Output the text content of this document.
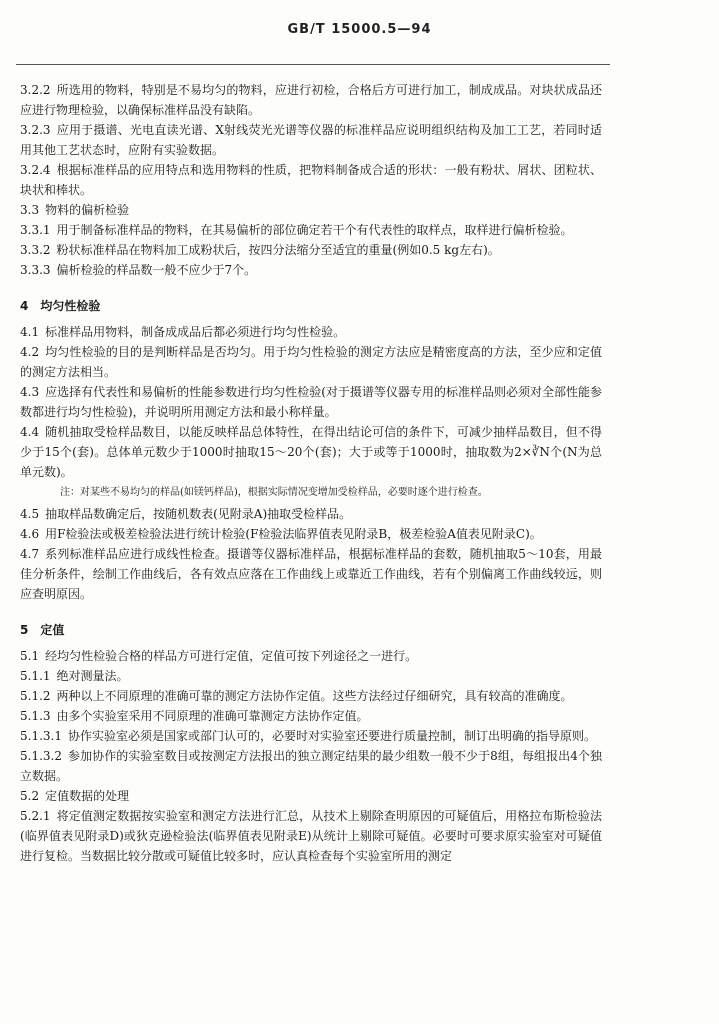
GB/T 15000.5—94

3.2.2 所选用的物料，特别是不易均匀的物料，应进行初检，合格后方可进行加工，制成成品。对块状成品还应进行物理检验，以确保标准样品没有缺陷。

3.2.3 应用于摄谱、光电直读光谱、X射线荧光光谱等仪器的标准样品应说明组织结构及加工工艺，若同时适用其他工艺状态时，应附有实验数据。

3.2.4 根据标准样品的应用特点和选用物料的性质，把物料制备成合适的形状：一般有粉状、屑状、团粒状、块状和棒状。

3.3 物料的偏析检验

3.3.1 用于制备标准样品的物料，在其易偏析的部位确定若干个有代表性的取样点，取样进行偏析检验。

3.3.2 粉状标准样品在物料加工成粉状后，按四分法缩分至适宜的重量(例如0.5 kg左右)。

3.3.3 偏析检验的样品数一般不应少于7个。

4　均匀性检验

4.1 标准样品用物料，制备成成品后都必须进行均匀性检验。

4.2 均匀性检验的目的是判断样品是否均匀。用于均匀性检验的测定方法应是精密度高的方法，至少应和定值的测定方法相当。

4.3 应选择有代表性和易偏析的性能参数进行均匀性检验(对于摄谱等仪器专用的标准样品则必须对全部性能参数都进行均匀性检验)，并说明所用测定方法和最小称样量。

4.4 随机抽取受检样品数目，以能反映样品总体特性，在得出结论可信的条件下，可减少抽样品数目，但不得少于15个(套)。总体单元数少于1000时抽取15～20个(套)；大于或等于1000时，抽取数为2×∛N个(N为总单元数)。

注：对某些不易均匀的样品(如镁钙样品)，根据实际情况变增加受检样品，必要时逐个进行检查。

4.5 抽取样品数确定后，按随机数表(见附录A)抽取受检样品。

4.6 用F检验法或极差检验法进行统计检验(F检验法临界值表见附录B，极差检验A值表见附录C)。

4.7 系列标准样品应进行成线性检查。摄谱等仪器标准样品，根据标准样品的套数，随机抽取5～10套，用最佳分析条件，绘制工作曲线后，各有效点应落在工作曲线上或靠近工作曲线，若有个别偏离工作曲线较远，则应查明原因。

5　定值

5.1 经均匀性检验合格的样品方可进行定值，定值可按下列途径之一进行。

5.1.1 绝对测量法。

5.1.2 两种以上不同原理的准确可靠的测定方法协作定值。这些方法经过仔细研究，具有较高的准确度。

5.1.3 由多个实验室采用不同原理的准确可靠测定方法协作定值。

5.1.3.1 协作实验室必须是国家或部门认可的，必要时对实验室还要进行质量控制，制订出明确的指导原则。

5.1.3.2 参加协作的实验室数目或按测定方法报出的独立测定结果的最少组数一般不少于8组，每组报出4个独立数据。

5.2 定值数据的处理

5.2.1 将定值测定数据按实验室和测定方法进行汇总，从技术上剔除查明原因的可疑值后，用格拉布斯检验法(临界值表见附录D)或狄克逊检验法(临界值表见附录E)从统计上剔除可疑值。必要时可要求原实验室对可疑值进行复检。当数据比较分散或可疑值比较多时，应认真检查每个实验室所用的测定
